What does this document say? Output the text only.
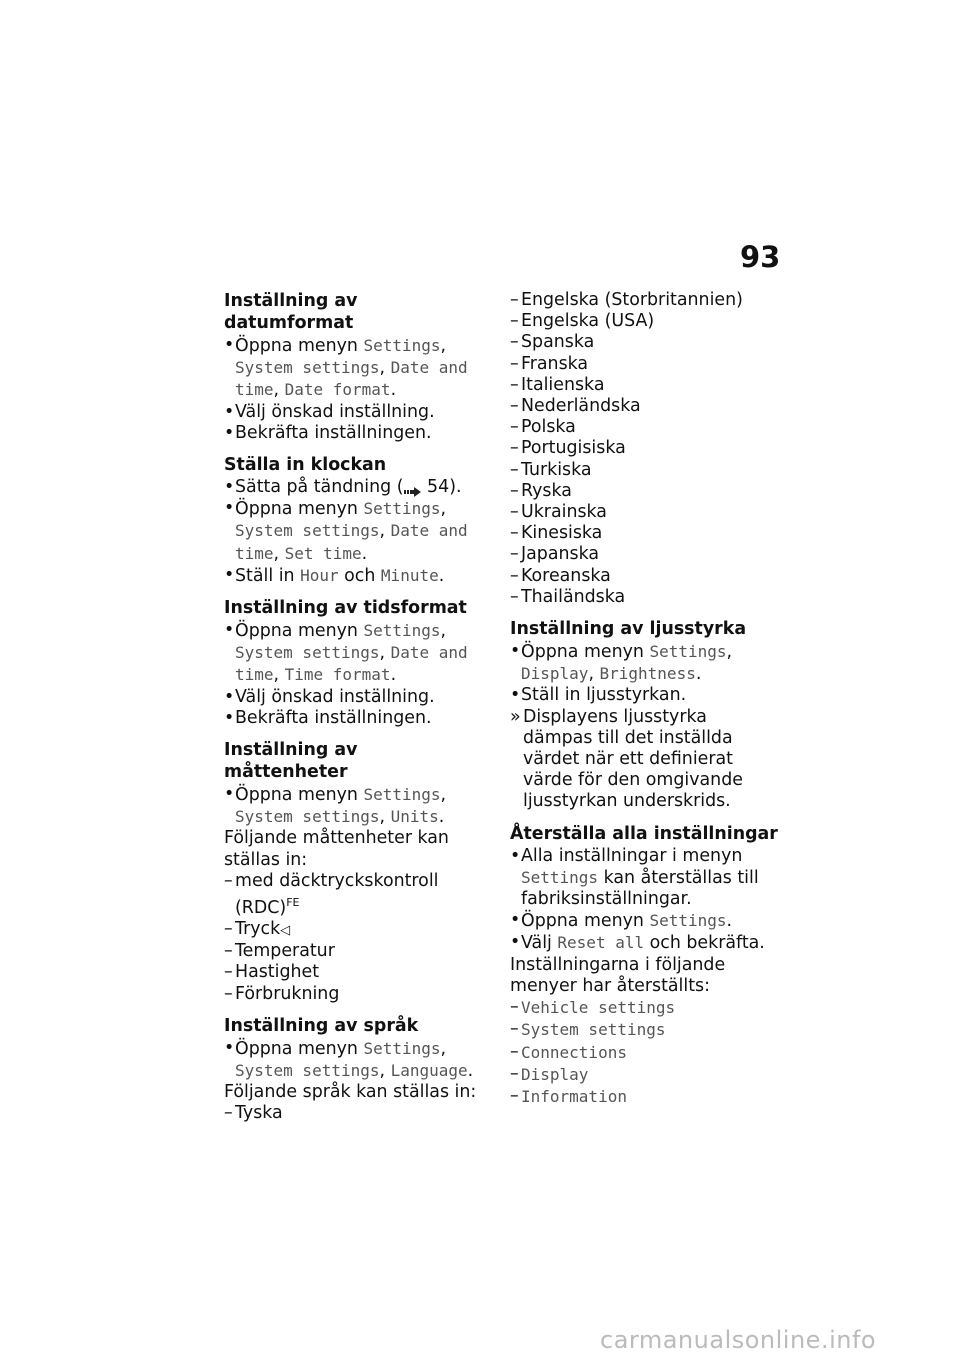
93
Inställning av datumformat
• Öppna menyn Settings, System settings, Date and time, Date format.
• Välj önskad inställning.
• Bekräfta inställningen.
Ställa in klockan
• Sätta på tändning ( 54).
• Öppna menyn Settings, System settings, Date and time, Set time.
• Ställ in Hour och Minute.
Inställning av tidsformat
• Öppna menyn Settings, System settings, Date and time, Time format.
• Välj önskad inställning.
• Bekräfta inställningen.
Inställning av måttenheter
• Öppna menyn Settings, System settings, Units.
Följande måttenheter kan ställas in:
– med däcktryckskontroll (RDC)$^{FE}$
– Tryck◁
– Temperatur
– Hastighet
– Förbrukning
Inställning av språk
• Öppna menyn Settings, System settings, Language.
Följande språk kan ställas in:
– Tyska
– Engelska (Storbritannien)
– Engelska (USA)
– Spanska
– Franska
– Italienska
– Nederländska
– Polska
– Portugisiska
– Turkiska
– Ryska
– Ukrainska
– Kinesiska
– Japanska
– Koreanska
– Thailändska
Inställning av ljusstyrka
• Öppna menyn Settings, Display, Brightness.
• Ställ in ljusstyrkan.
» Displayens ljusstyrka dämpas till det inställda värdet när ett definierat värde för den omgivande ljusstyrkan underskrids.
Återställa alla inställningar
• Alla inställningar i menyn Settings kan återställas till fabriksinställningar.
• Öppna menyn Settings.
• Välj Reset all och bekräfta.
Inställningarna i följande menyer har återställts:
– Vehicle settings
– System settings
– Connections
– Display
– Information
carmanualsonline.info
